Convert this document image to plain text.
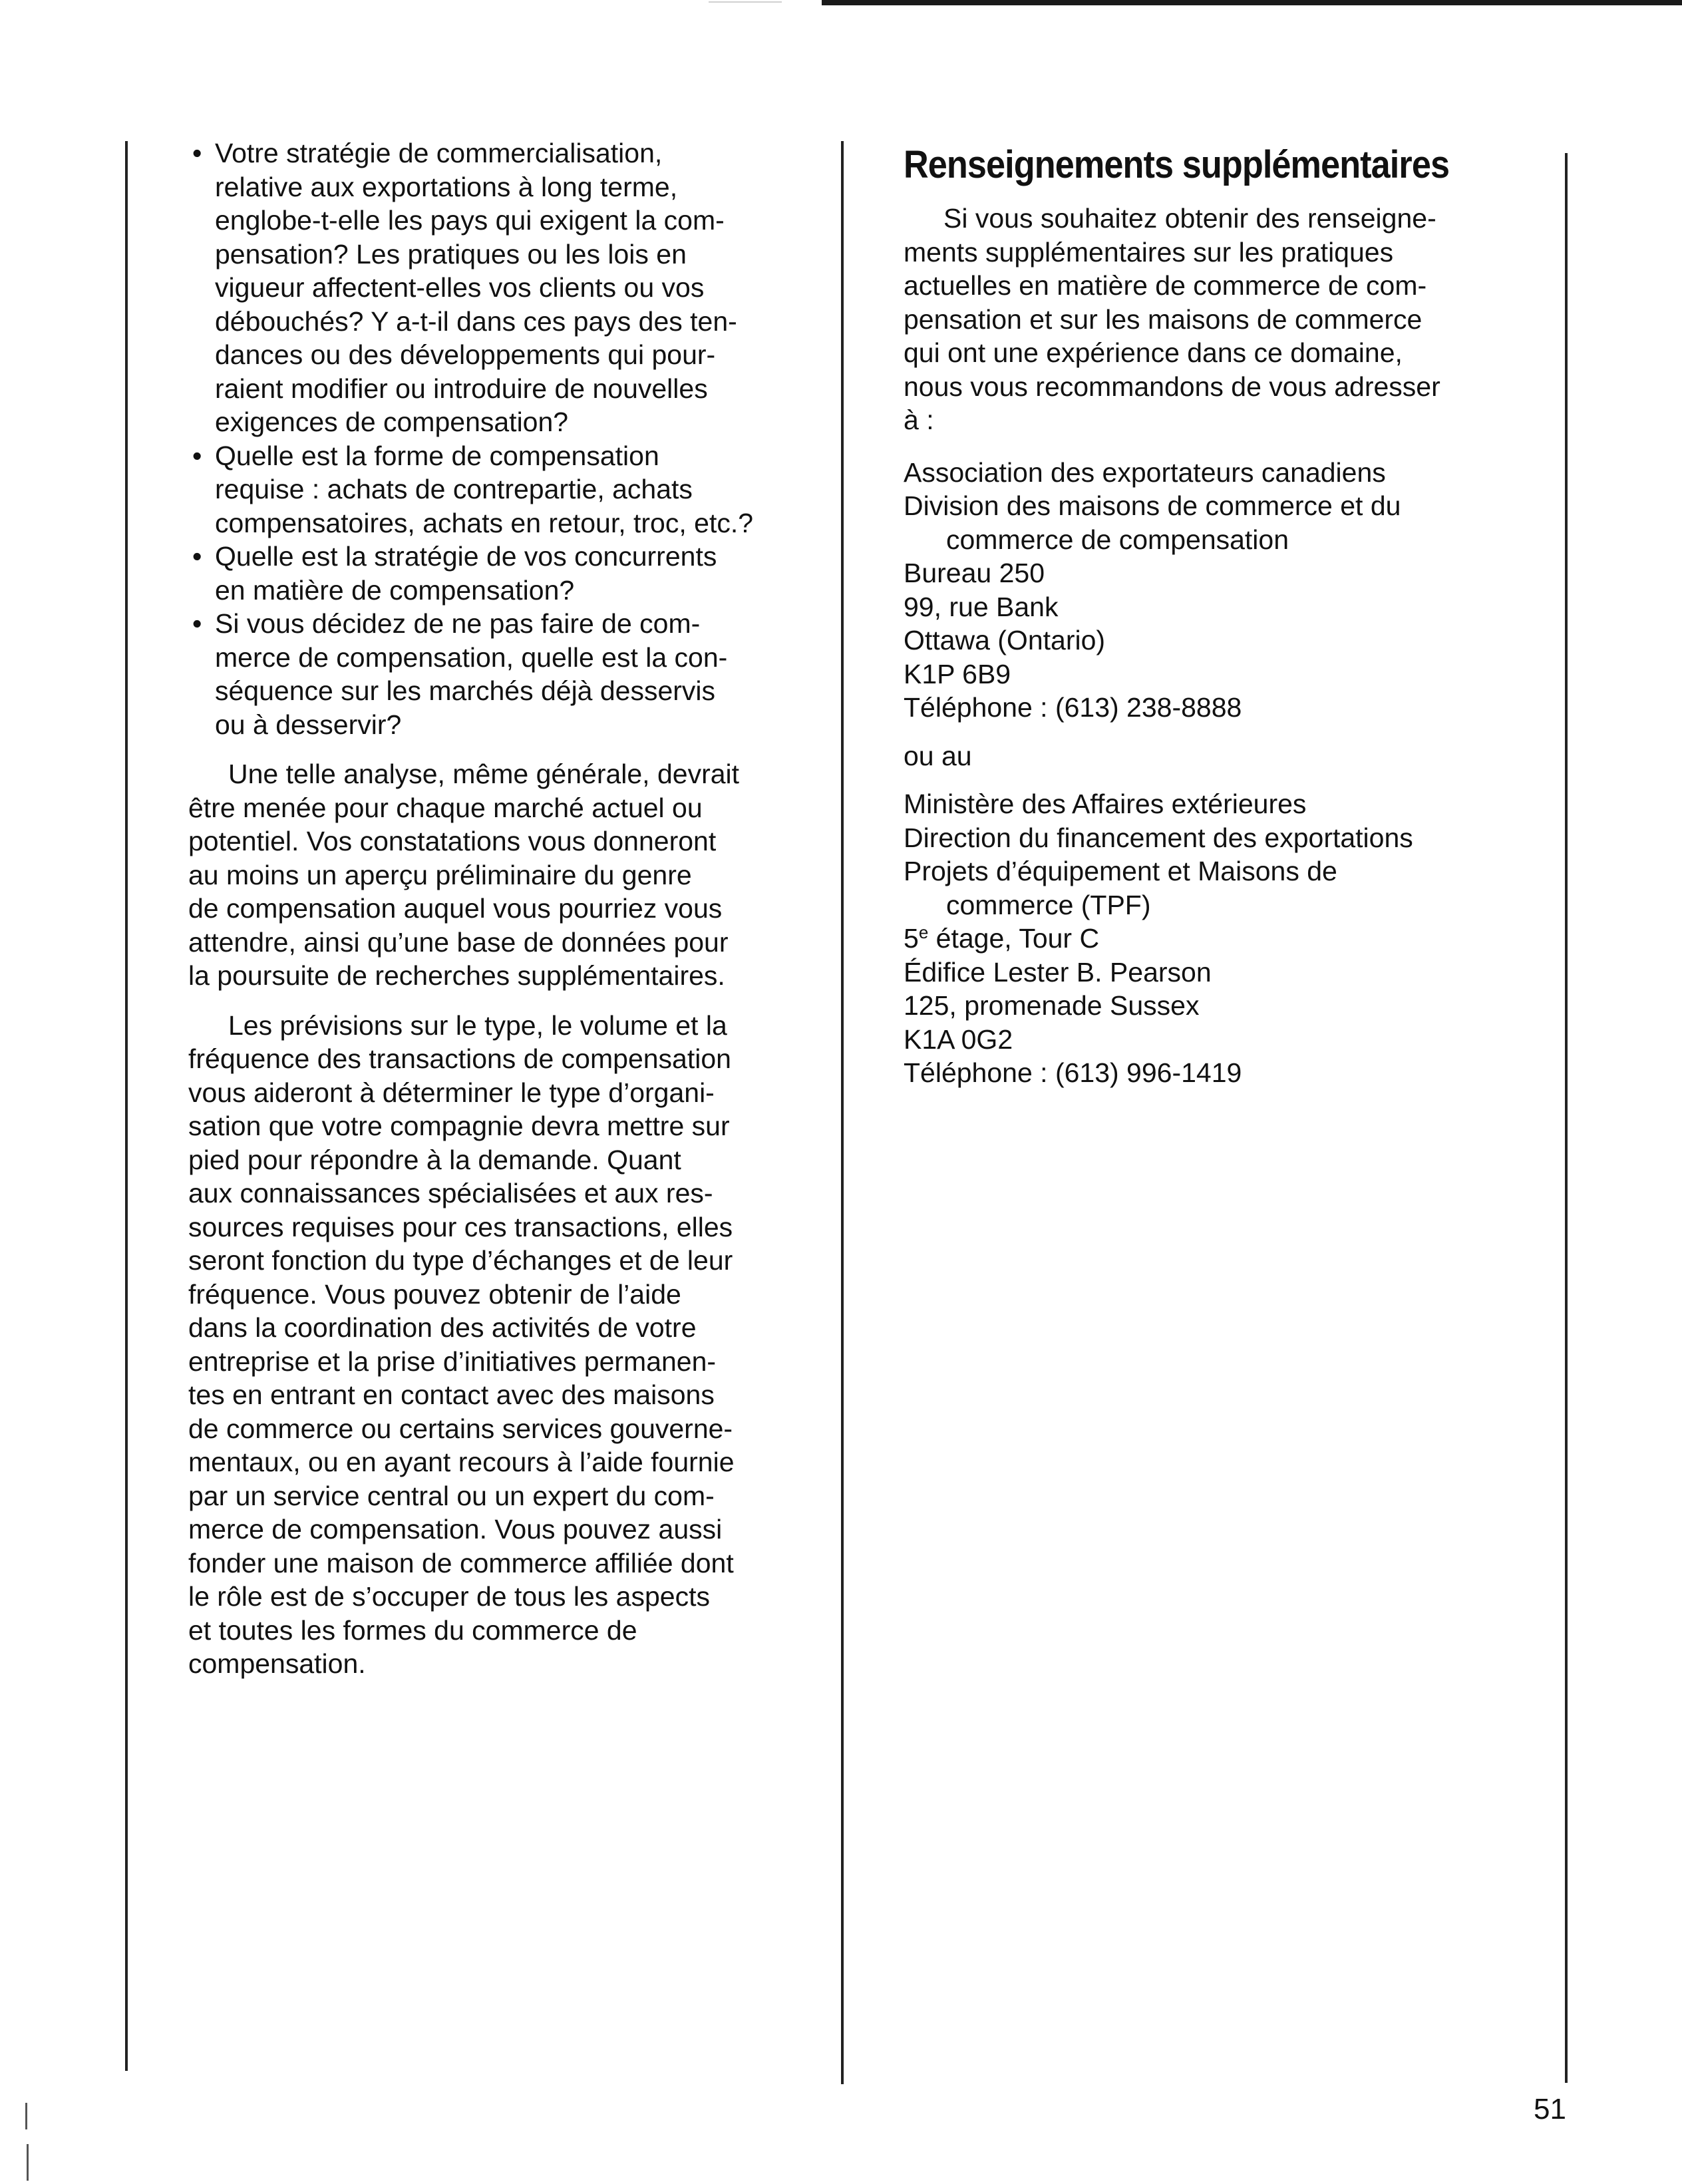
• Votre stratégie de commercialisation,
relative aux exportations à long terme,
englobe-t-elle les pays qui exigent la com-
pensation? Les pratiques ou les lois en
vigueur affectent-elles vos clients ou vos
débouchés? Y a-t-il dans ces pays des ten-
dances ou des développements qui pour-
raient modifier ou introduire de nouvelles
exigences de compensation?
• Quelle est la forme de compensation
requise : achats de contrepartie, achats
compensatoires, achats en retour, troc, etc.?
• Quelle est la stratégie de vos concurrents
en matière de compensation?
• Si vous décidez de ne pas faire de com-
merce de compensation, quelle est la con-
séquence sur les marchés déjà desservis
ou à desservir?

Une telle analyse, même générale, devrait
être menée pour chaque marché actuel ou
potentiel. Vos constatations vous donneront
au moins un aperçu préliminaire du genre
de compensation auquel vous pourriez vous
attendre, ainsi qu’une base de données pour
la poursuite de recherches supplémentaires.

Les prévisions sur le type, le volume et la
fréquence des transactions de compensation
vous aideront à déterminer le type d’organi-
sation que votre compagnie devra mettre sur
pied pour répondre à la demande. Quant
aux connaissances spécialisées et aux res-
sources requises pour ces transactions, elles
seront fonction du type d’échanges et de leur
fréquence. Vous pouvez obtenir de l’aide
dans la coordination des activités de votre
entreprise et la prise d’initiatives permanen-
tes en entrant en contact avec des maisons
de commerce ou certains services gouverne-
mentaux, ou en ayant recours à l’aide fournie
par un service central ou un expert du com-
merce de compensation. Vous pouvez aussi
fonder une maison de commerce affiliée dont
le rôle est de s’occuper de tous les aspects
et toutes les formes du commerce de
compensation.

Renseignements supplémentaires

Si vous souhaitez obtenir des renseigne-
ments supplémentaires sur les pratiques
actuelles en matière de commerce de com-
pensation et sur les maisons de commerce
qui ont une expérience dans ce domaine,
nous vous recommandons de vous adresser
à :

Association des exportateurs canadiens
Division des maisons de commerce et du
commerce de compensation
Bureau 250
99, rue Bank
Ottawa (Ontario)
K1P 6B9
Téléphone : (613) 238-8888
ou au
Ministère des Affaires extérieures
Direction du financement des exportations
Projets d’équipement et Maisons de
commerce (TPF)
5e étage, Tour C
Édifice Lester B. Pearson
125, promenade Sussex
K1A 0G2
Téléphone : (613) 996-1419
51
